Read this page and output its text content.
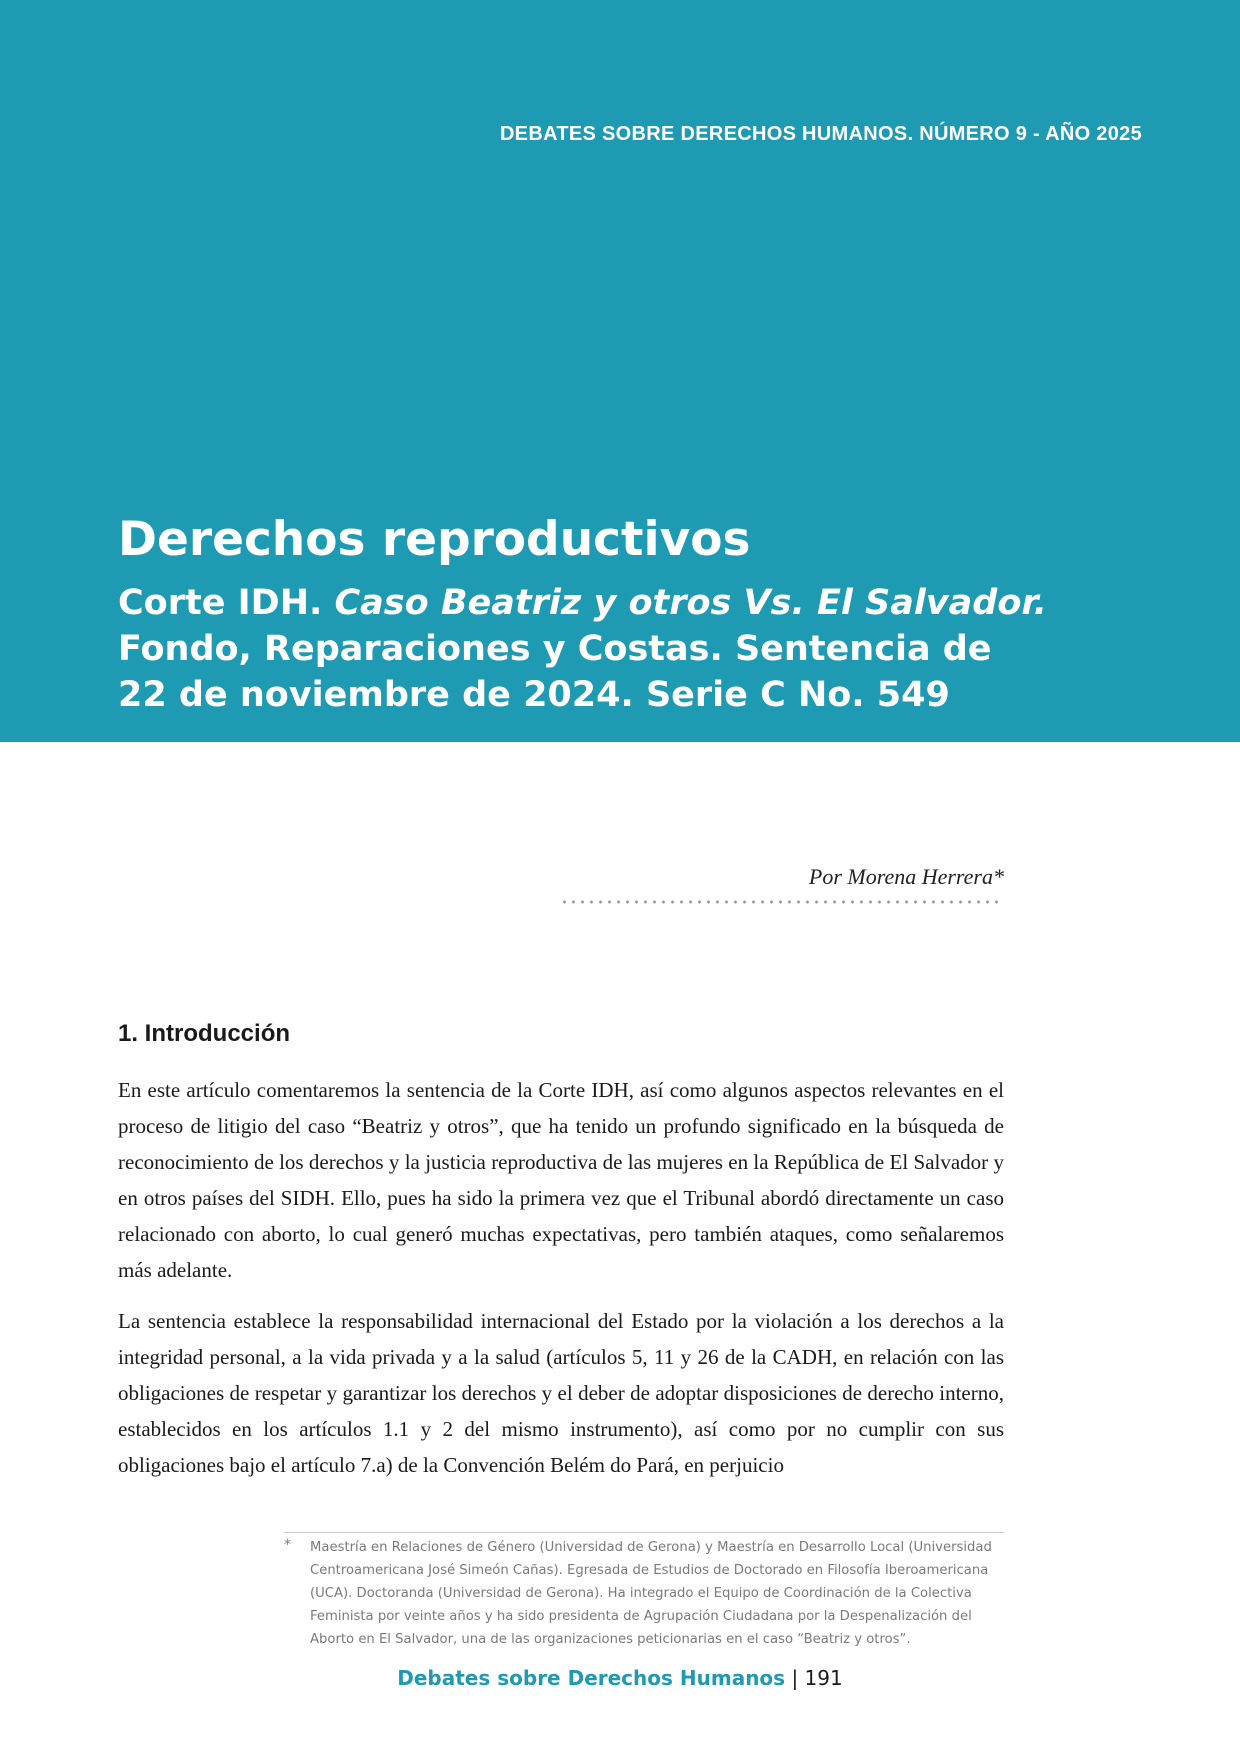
DEBATES SOBRE DERECHOS HUMANOS. NÚMERO 9 - AÑO 2025
Derechos reproductivos
Corte IDH. Caso Beatriz y otros Vs. El Salvador.
Fondo, Reparaciones y Costas. Sentencia de
22 de noviembre de 2024. Serie C No. 549
Por Morena Herrera*
1. Introducción

En este artículo comentaremos la sentencia de la Corte IDH, así como algunos aspectos relevantes en el proceso de litigio del caso “Beatriz y otros”, que ha tenido un profundo significado en la búsqueda de reconocimiento de los derechos y la justicia reproductiva de las mujeres en la República de El Salvador y en otros países del SIDH. Ello, pues ha sido la primera vez que el Tribunal abordó directamente un caso relacionado con aborto, lo cual generó muchas expectativas, pero también ataques, como señalaremos más adelante.

La sentencia establece la responsabilidad internacional del Estado por la violación a los derechos a la integridad personal, a la vida privada y a la salud (artículos 5, 11 y 26 de la CADH, en relación con las obligaciones de respetar y garantizar los derechos y el deber de adoptar disposiciones de derecho interno, establecidos en los artículos 1.1 y 2 del mismo instrumento), así como por no cumplir con sus obligaciones bajo el artículo 7.a) de la Convención Belém do Pará, en perjuicio

* Maestría en Relaciones de Género (Universidad de Gerona) y Maestría en Desarrollo Local (Universidad Centroamericana José Simeón Cañas). Egresada de Estudios de Doctorado en Filosofía Iberoamericana (UCA). Doctoranda (Universidad de Gerona). Ha integrado el Equipo de Coordinación de la Colectiva Feminista por veinte años y ha sido presidenta de Agrupación Ciudadana por la Despenalización del Aborto en El Salvador, una de las organizaciones peticionarias en el caso “Beatriz y otros”.

Debates sobre Derechos Humanos | 191
